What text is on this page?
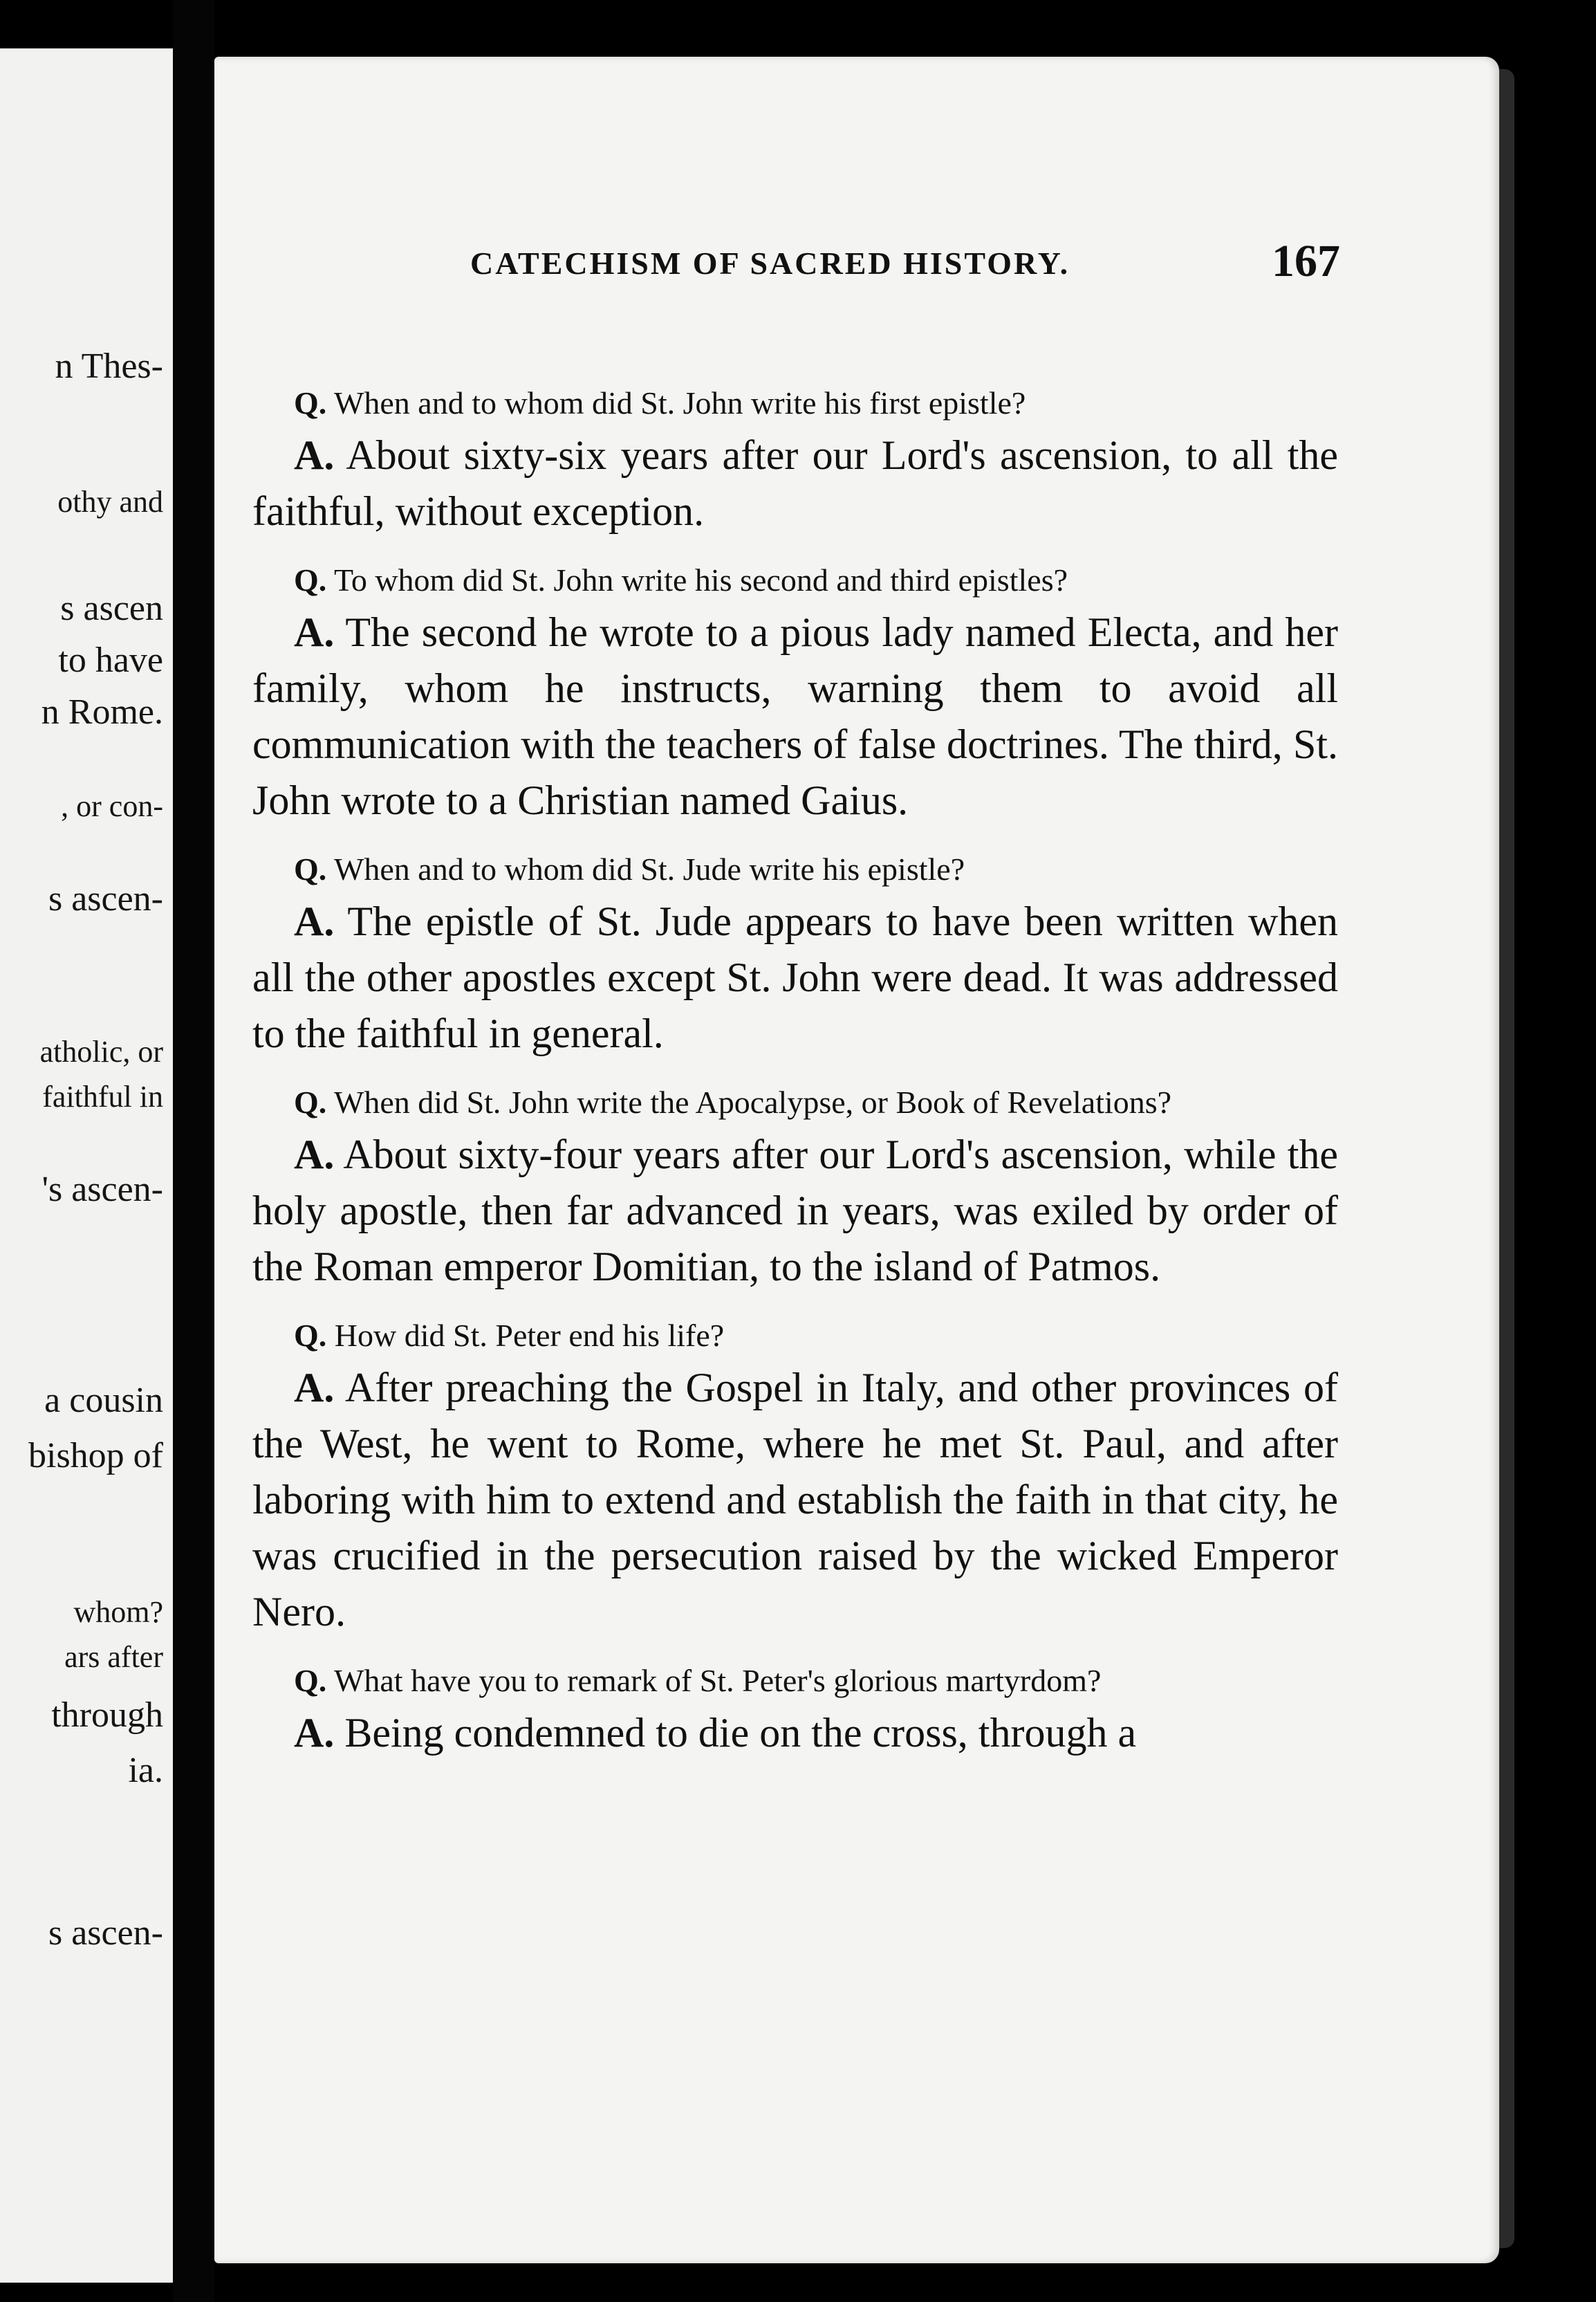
n Thes-
othy and
s ascen
to have
n Rome.
, or con-
s ascen-
atholic, or
faithful in
's ascen-
a cousin
bishop of
whom?
ars after
through
ia.
s ascen-
CATECHISM OF SACRED HISTORY.	167

Q. When and to whom did St. John write his first epistle?

A. About sixty-six years after our Lord's ascension, to all the faithful, without exception.

Q. To whom did St. John write his second and third epistles?

A. The second he wrote to a pious lady named Electa, and her family, whom he instructs, warning them to avoid all communication with the teachers of false doctrines. The third, St. John wrote to a Christian named Gaius.

Q. When and to whom did St. Jude write his epistle?

A. The epistle of St. Jude appears to have been written when all the other apostles except St. John were dead. It was addressed to the faithful in general.

Q. When did St. John write the Apocalypse, or Book of Revelations?

A. About sixty-four years after our Lord's ascension, while the holy apostle, then far advanced in years, was exiled by order of the Roman emperor Domitian, to the island of Patmos.

Q. How did St. Peter end his life?

A. After preaching the Gospel in Italy, and other provinces of the West, he went to Rome, where he met St. Paul, and after laboring with him to extend and establish the faith in that city, he was crucified in the persecution raised by the wicked Emperor Nero.

Q. What have you to remark of St. Peter's glorious martyrdom?

A. Being condemned to die on the cross, through a
